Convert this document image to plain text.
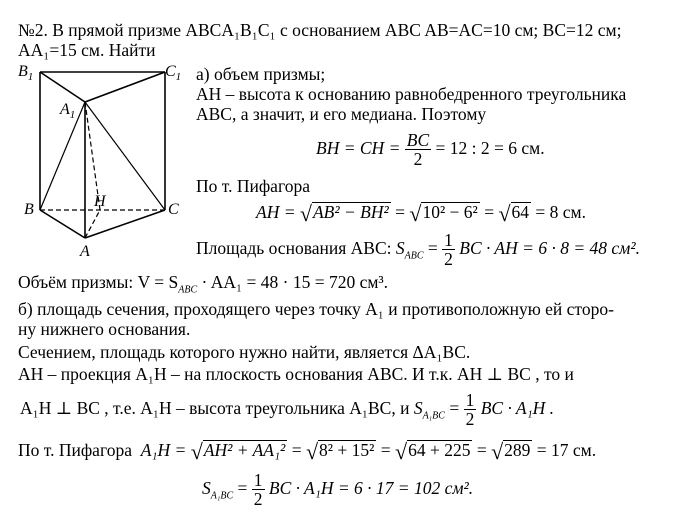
№2. В прямой призме ABCA₁B₁C₁ с основанием ABC AB=AC=10 см; BC=12 см;
AA₁=15 см. Найти
$B_1$	$C_1$
$A_1$
B	C
A
H
а) объем призмы;
AH – высота к основанию равнобедренного треугольника
ABC, а значит, и его медиана. Поэтому
BH = CH = $\frac{BC}{2} = 12$ : 2 = 6 см.
По т. Пифагора
AH = √AB² − BH² = √10² − 6² = √64 = 8 см.
Площадь основания ABC: $S_{ABC} = \frac{1}{2}$ BC · AH = 6 · 8 = 48 см².
Объём призмы: $V = S_{ABC} \cdot AA_1 = 48 \cdot 15 = 720$ см³.
б) площадь сечения, проходящего через точку A₁ и противоположную ей сторо-
ну нижнего основания.
Сечением, площадь которого нужно найти, является ΔA₁BC.
AH – проекция A₁H – на плоскость основания ABC. И т.к. AH ⊥ BC , то и
A₁H ⊥ BC , т.е. A₁H – высота треугольника A₁BC, и $S_{A_1BC} = \frac{1}{2}$ BC · A₁H .
По т. Пифагора A₁H = √AH² + AA₁² = √8² + 15² = √64 + 225 = √289 = 17 см.
$S_{A_1BC} = \frac{1}{2}$ BC · A₁H = 6 · 17 = 102 см².
